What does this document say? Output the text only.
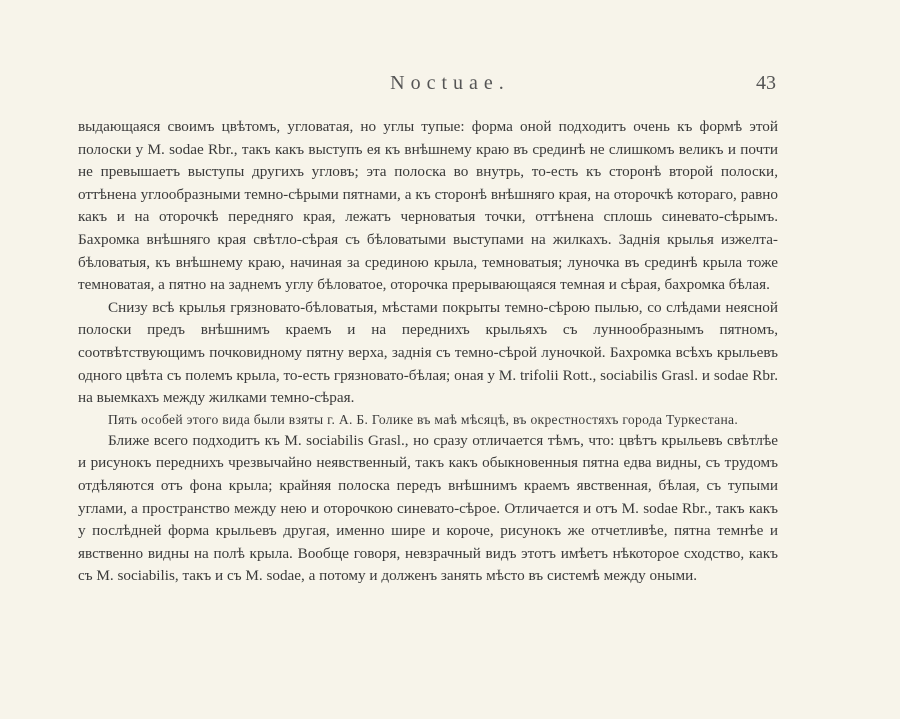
Noctuae.	43

выдающаяся своимъ цвѣтомъ, угловатая, но углы тупые: форма оной подходитъ очень къ формѣ этой полоски у M. sodae Rbr., такъ какъ выступъ ея къ внѣшнему краю въ срединѣ не слишкомъ великъ и почти не превышаетъ выступы другихъ угловъ; эта полоска во внутрь, то-есть къ сторонѣ второй полоски, оттѣнена углообразными темно-сѣрыми пятнами, а къ сторонѣ внѣшняго края, на оторочкѣ котораго, равно какъ и на оторочкѣ передняго края, лежатъ черноватыя точки, оттѣнена сплошь синевато-сѣрымъ. Бахромка внѣшняго края свѣтло-сѣрая съ бѣловатыми выступами на жилкахъ. Заднія крылья изжелта-бѣловатыя, къ внѣшнему краю, начиная за срединою крыла, темноватыя; луночка въ срединѣ крыла тоже темноватая, а пятно на заднемъ углу бѣловатое, оторочка прерывающаяся темная и сѣрая, бахромка бѣлая.

Снизу всѣ крылья грязновато-бѣловатыя, мѣстами покрыты темно-сѣрою пылью, со слѣдами неясной полоски предъ внѣшнимъ краемъ и на переднихъ крыльяхъ съ луннообразнымъ пятномъ, соотвѣтствующимъ почковидному пятну верха, заднія съ темно-сѣрой луночкой. Бахромка всѣхъ крыльевъ одного цвѣта съ полемъ крыла, то-есть грязновато-бѣлая; оная у M. trifolii Rott., sociabilis Grasl. и sodae Rbr. на выемкахъ между жилками темно-сѣрая.

Пять особей этого вида были взяты г. А. Б. Голике въ маѣ мѣсяцѣ, въ окрестностяхъ города Туркестана.

Ближе всего подходитъ къ M. sociabilis Grasl., но сразу отличается тѣмъ, что: цвѣтъ крыльевъ свѣтлѣе и рисунокъ переднихъ чрезвычайно неявственный, такъ какъ обыкновенныя пятна едва видны, съ трудомъ отдѣляются отъ фона крыла; крайняя полоска передъ внѣшнимъ краемъ явственная, бѣлая, съ тупыми углами, а пространство между нею и оторочкою синевато-сѣрое. Отличается и отъ M. sodae Rbr., такъ какъ у послѣдней форма крыльевъ другая, именно шире и короче, рисунокъ же отчетливѣе, пятна темнѣе и явственно видны на полѣ крыла. Вообще говоря, невзрачный видъ этотъ имѣетъ нѣкоторое сходство, какъ съ M. sociabilis, такъ и съ M. sodae, а потому и долженъ занять мѣсто въ системѣ между оными.
